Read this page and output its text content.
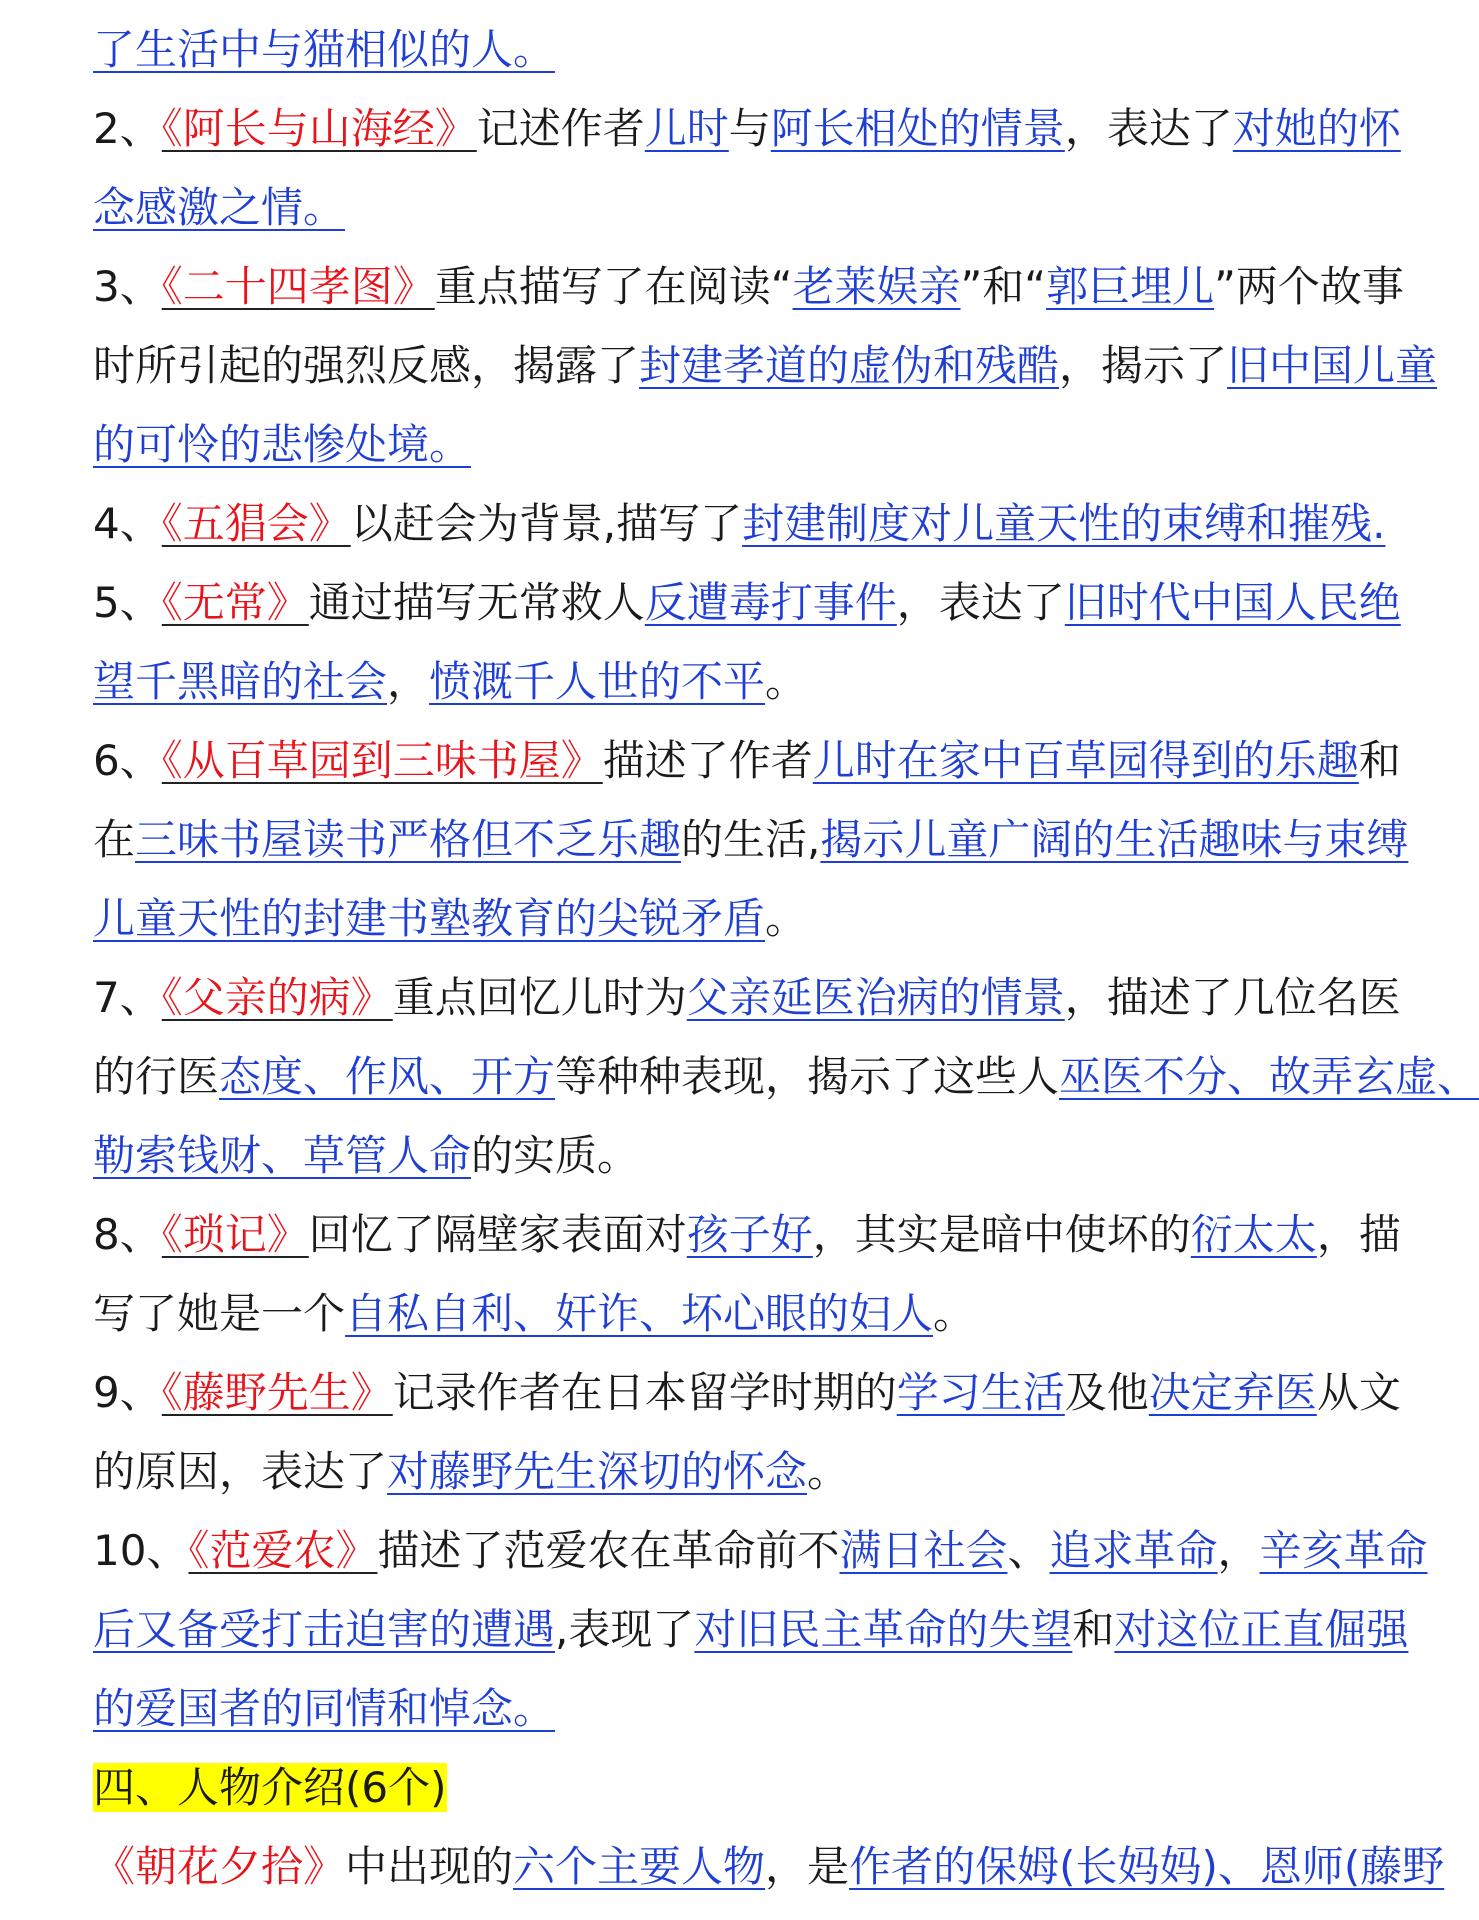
了生活中与猫相似的人。
2、《阿长与山海经》记述作者儿时与阿长相处的情景，表达了对她的怀
念感激之情。
3、《二十四孝图》重点描写了在阅读“老莱娱亲”和“郭巨埋儿”两个故事
时所引起的强烈反感，揭露了封建孝道的虚伪和残酷，揭示了旧中国儿童
的可怜的悲惨处境。
4、《五猖会》以赶会为背景,描写了封建制度对儿童天性的束缚和摧残.
5、《无常》通过描写无常救人反遭毒打事件，表达了旧时代中国人民绝
望千黑暗的社会，愤溉千人世的不平。
6、《从百草园到三味书屋》描述了作者儿时在家中百草园得到的乐趣和
在三味书屋读书严格但不乏乐趣的生活,揭示儿童广阔的生活趣味与束缚
儿童天性的封建书塾教育的尖锐矛盾。
7、《父亲的病》重点回忆儿时为父亲延医治病的情景，描述了几位名医
的行医态度、作风、开方等种种表现，揭示了这些人巫医不分、故弄玄虚、
勒索钱财、草管人命的实质。
8、《琐记》回忆了隔壁家表面对孩子好，其实是暗中使坏的衍太太，描
写了她是一个自私自利、奸诈、坏心眼的妇人。
9、《藤野先生》记录作者在日本留学时期的学习生活及他决定弃医从文
的原因，表达了对藤野先生深切的怀念。
10、《范爱农》描述了范爱农在革命前不满日社会、追求革命，辛亥革命
后又备受打击迫害的遭遇,表现了对旧民主革命的失望和对这位正直倔强
的爱国者的同情和悼念。
四、人物介绍(6个)
《朝花夕拾》中出现的六个主要人物，是作者的保姆(长妈妈)、恩师(藤野
